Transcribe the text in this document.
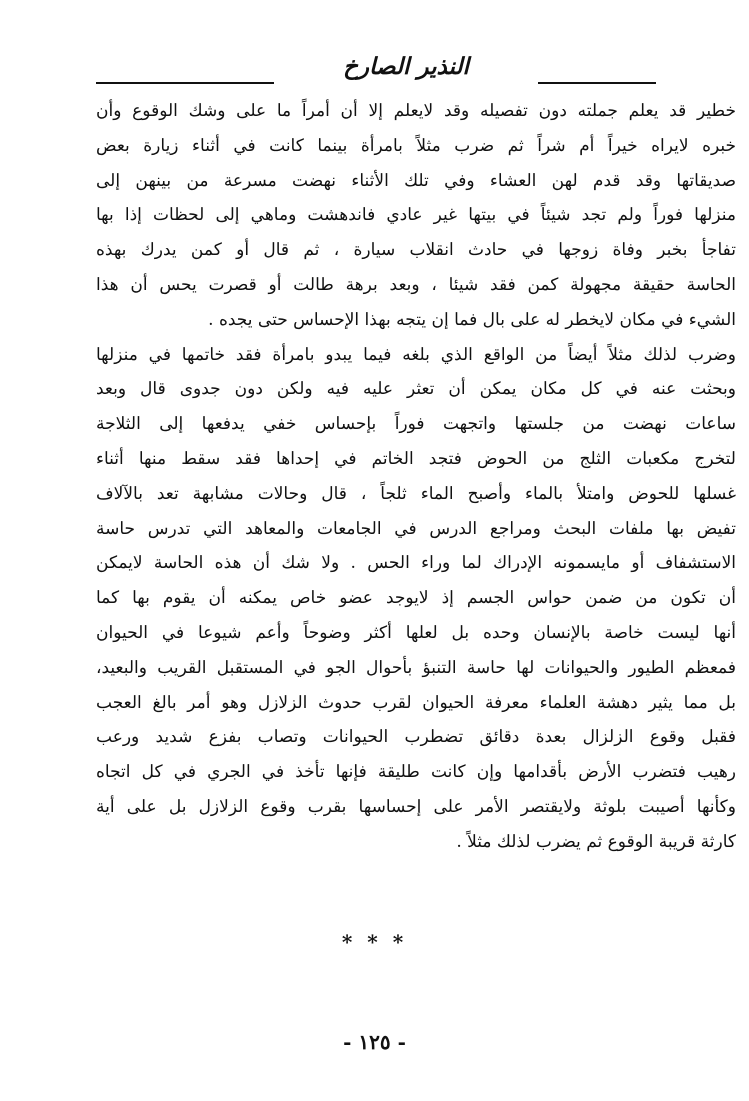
النذير الصارخ
خطير قد يعلم جملته دون تفصيله وقد لايعلم إلا أن أمراً ما على وشك الوقوع وأن
خبره لايراه خيراً أم شراً ثم ضرب مثلاً بامرأة بينما كانت في أثناء زيارة بعض
صديقاتها وقد قدم لهن العشاء وفي تلك الأثناء نهضت مسرعة من بينهن إلى
منزلها فوراً ولم تجد شيئاً في بيتها غير عادي فاندهشت وماهي إلى لحظات إذا بها
تفاجأ بخبر وفاة زوجها في حادث انقلاب سيارة ، ثم قال أو كمن يدرك بهذه
الحاسة حقيقة مجهولة كمن فقد شيئا ، وبعد برهة طالت أو قصرت يحس أن هذا
الشيء في مكان لايخطر له على بال فما إن يتجه بهذا الإحساس حتى يجده .
وضرب لذلك مثلاً أيضاً من الواقع الذي بلغه فيما يبدو بامرأة فقد خاتمها في منزلها
وبحثت عنه في كل مكان يمكن أن تعثر عليه فيه ولكن دون جدوى قال وبعد
ساعات نهضت من جلستها واتجهت فوراً بإحساس خفي يدفعها إلى الثلاجة
لتخرج مكعبات الثلج من الحوض فتجد الخاتم في إحداها فقد سقط منها أثناء
غسلها للحوض وامتلأ بالماء وأصبح الماء ثلجاً ، قال وحالات مشابهة تعد بالآلاف
تفيض بها ملفات البحث ومراجع الدرس في الجامعات والمعاهد التي تدرس حاسة
الاستشفاف أو مايسمونه الإدراك لما وراء الحس . ولا شك أن هذه الحاسة لايمكن
أن تكون من ضمن حواس الجسم إذ لايوجد عضو خاص يمكنه أن يقوم بها كما
أنها ليست خاصة بالإنسان وحده بل لعلها أكثر وضوحاً وأعم شيوعا في الحيوان
فمعظم الطيور والحيوانات لها حاسة التنبؤ بأحوال الجو في المستقبل القريب والبعيد،
بل مما يثير دهشة العلماء معرفة الحيوان لقرب حدوث الزلازل وهو أمر بالغ العجب
فقبل وقوع الزلزال بعدة دقائق تضطرب الحيوانات وتصاب بفزع شديد ورعب
رهيب فتضرب الأرض بأقدامها وإن كانت طليقة فإنها تأخذ في الجري في كل اتجاه
وكأنها أصيبت بلوثة ولايقتصر الأمر على إحساسها بقرب وقوع الزلازل بل على أية
كارثة قريبة الوقوع ثم يضرب لذلك مثلاً .
* * *
- ١٢٥ -
